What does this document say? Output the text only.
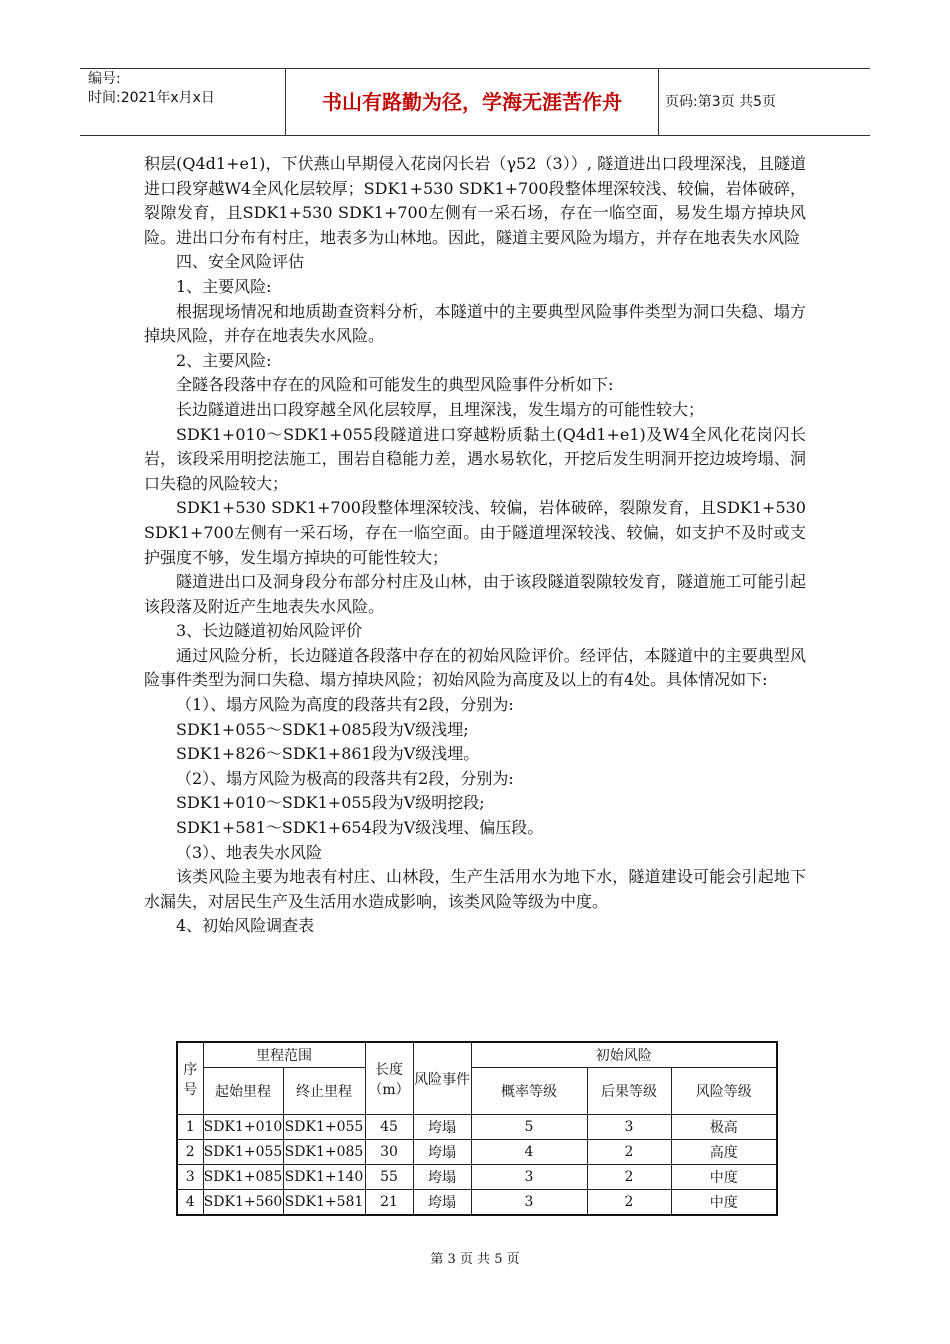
编号:
时间:2021年x月x日	书山有路勤为径，学海无涯苦作舟	页码:第3页 共5页

积层(Q4d1+e1)，下伏燕山早期侵入花岗闪长岩（γ52（3））, 隧道进出口段埋深浅，且隧道进口段穿越W4全风化层较厚；SDK1+530 SDK1+700段整体埋深较浅、较偏，岩体破碎，裂隙发育，且SDK1+530 SDK1+700左侧有一采石场，存在一临空面，易发生塌方掉块风险。进出口分布有村庄，地表多为山林地。因此，隧道主要风险为塌方，并存在地表失水风险

四、安全风险评估

1、主要风险:

根据现场情况和地质勘查资料分析，本隧道中的主要典型风险事件类型为洞口失稳、塌方掉块风险，并存在地表失水风险。

2、主要风险:

全隧各段落中存在的风险和可能发生的典型风险事件分析如下:

长边隧道进出口段穿越全风化层较厚，且埋深浅，发生塌方的可能性较大；

SDK1+010～SDK1+055段隧道进口穿越粉质黏土(Q4d1+e1)及W4全风化花岗闪长岩，该段采用明挖法施工，围岩自稳能力差，遇水易软化，开挖后发生明洞开挖边坡垮塌、洞口失稳的风险较大；

SDK1+530 SDK1+700段整体埋深较浅、较偏，岩体破碎，裂隙发育，且SDK1+530 SDK1+700左侧有一采石场，存在一临空面。由于隧道埋深较浅、较偏，如支护不及时或支护强度不够，发生塌方掉块的可能性较大；

隧道进出口及洞身段分布部分村庄及山林，由于该段隧道裂隙较发育，隧道施工可能引起该段落及附近产生地表失水风险。

3、长边隧道初始风险评价

通过风险分析，长边隧道各段落中存在的初始风险评价。经评估，本隧道中的主要典型风险事件类型为洞口失稳、塌方掉块风险；初始风险为高度及以上的有4处。具体情况如下:

（1）、塌方风险为高度的段落共有2段，分别为:

SDK1+055～SDK1+085段为V级浅埋;

SDK1+826～SDK1+861段为V级浅埋。

（2）、塌方风险为极高的段落共有2段，分别为:

SDK1+010～SDK1+055段为V级明挖段;

SDK1+581～SDK1+654段为V级浅埋、偏压段。

（3）、地表失水风险

该类风险主要为地表有村庄、山林段，生产生活用水为地下水，隧道建设可能会引起地下水漏失，对居民生产及生活用水造成影响，该类风险等级为中度。

4、初始风险调查表

序号	里程范围		长度（m）	风险事件	初始风险		
	起始里程	终止里程			概率等级	后果等级	风险等级
1	SDK1+010	SDK1+055	45	垮塌	5	3	极高
2	SDK1+055	SDK1+085	30	垮塌	4	2	高度
3	SDK1+085	SDK1+140	55	垮塌	3	2	中度
4	SDK1+560	SDK1+581	21	垮塌	3	2	中度
第 3 页 共 5 页
